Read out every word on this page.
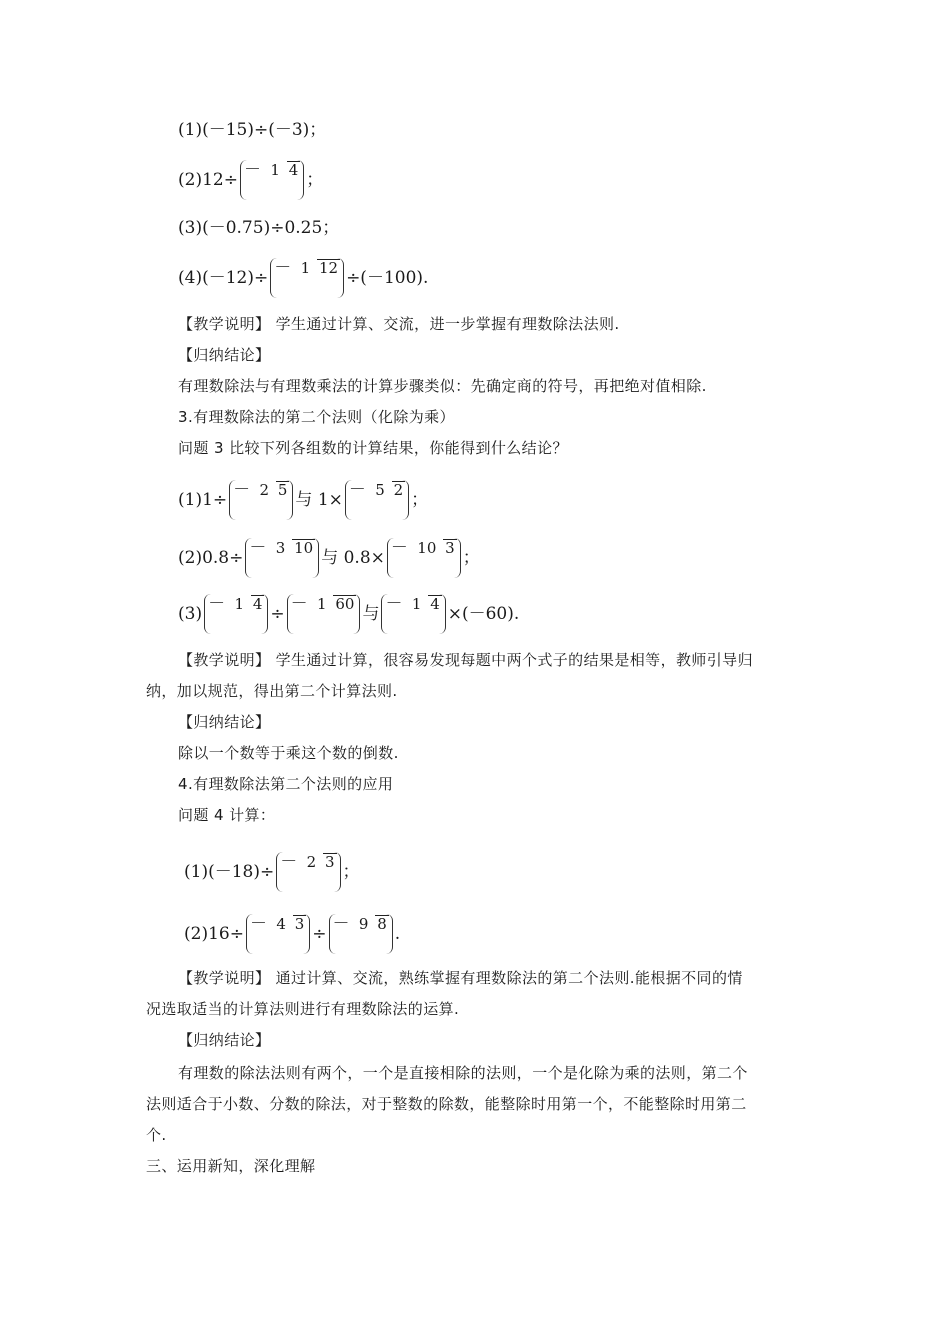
(1)(－15)÷(－3)；
(2)12÷ － 1 4 ；
(3)(－0.75)÷0.25；
(4)(－12)÷ － 1 12 ÷(－100).
【教学说明】 学生通过计算、交流，进一步掌握有理数除法法则.
【归纳结论】
有理数除法与有理数乘法的计算步骤类似：先确定商的符号，再把绝对值相除.
3.有理数除法的第二个法则（化除为乘）
问题 3 比较下列各组数的计算结果，你能得到什么结论？
(1)1÷ － 2 5 与 1× － 5 2 ；
(2)0.8÷ － 3 10 与 0.8× － 10 3 ；
(3) － 1 4 ÷ － 1 60 与 － 1 4 ×(－60).
【教学说明】 学生通过计算，很容易发现每题中两个式子的结果是相等，教师引导归
纳，加以规范，得出第二个计算法则.
【归纳结论】
除以一个数等于乘这个数的倒数.
4.有理数除法第二个法则的应用
问题 4 计算：
(1)(－18)÷ － 2 3 ；
(2)16÷ － 4 3 ÷ － 9 8 .
【教学说明】 通过计算、交流，熟练掌握有理数除法的第二个法则.能根据不同的情
况选取适当的计算法则进行有理数除法的运算.
【归纳结论】
有理数的除法法则有两个，一个是直接相除的法则，一个是化除为乘的法则，第二个
法则适合于小数、分数的除法，对于整数的除数，能整除时用第一个，不能整除时用第二
个.
三、运用新知，深化理解
